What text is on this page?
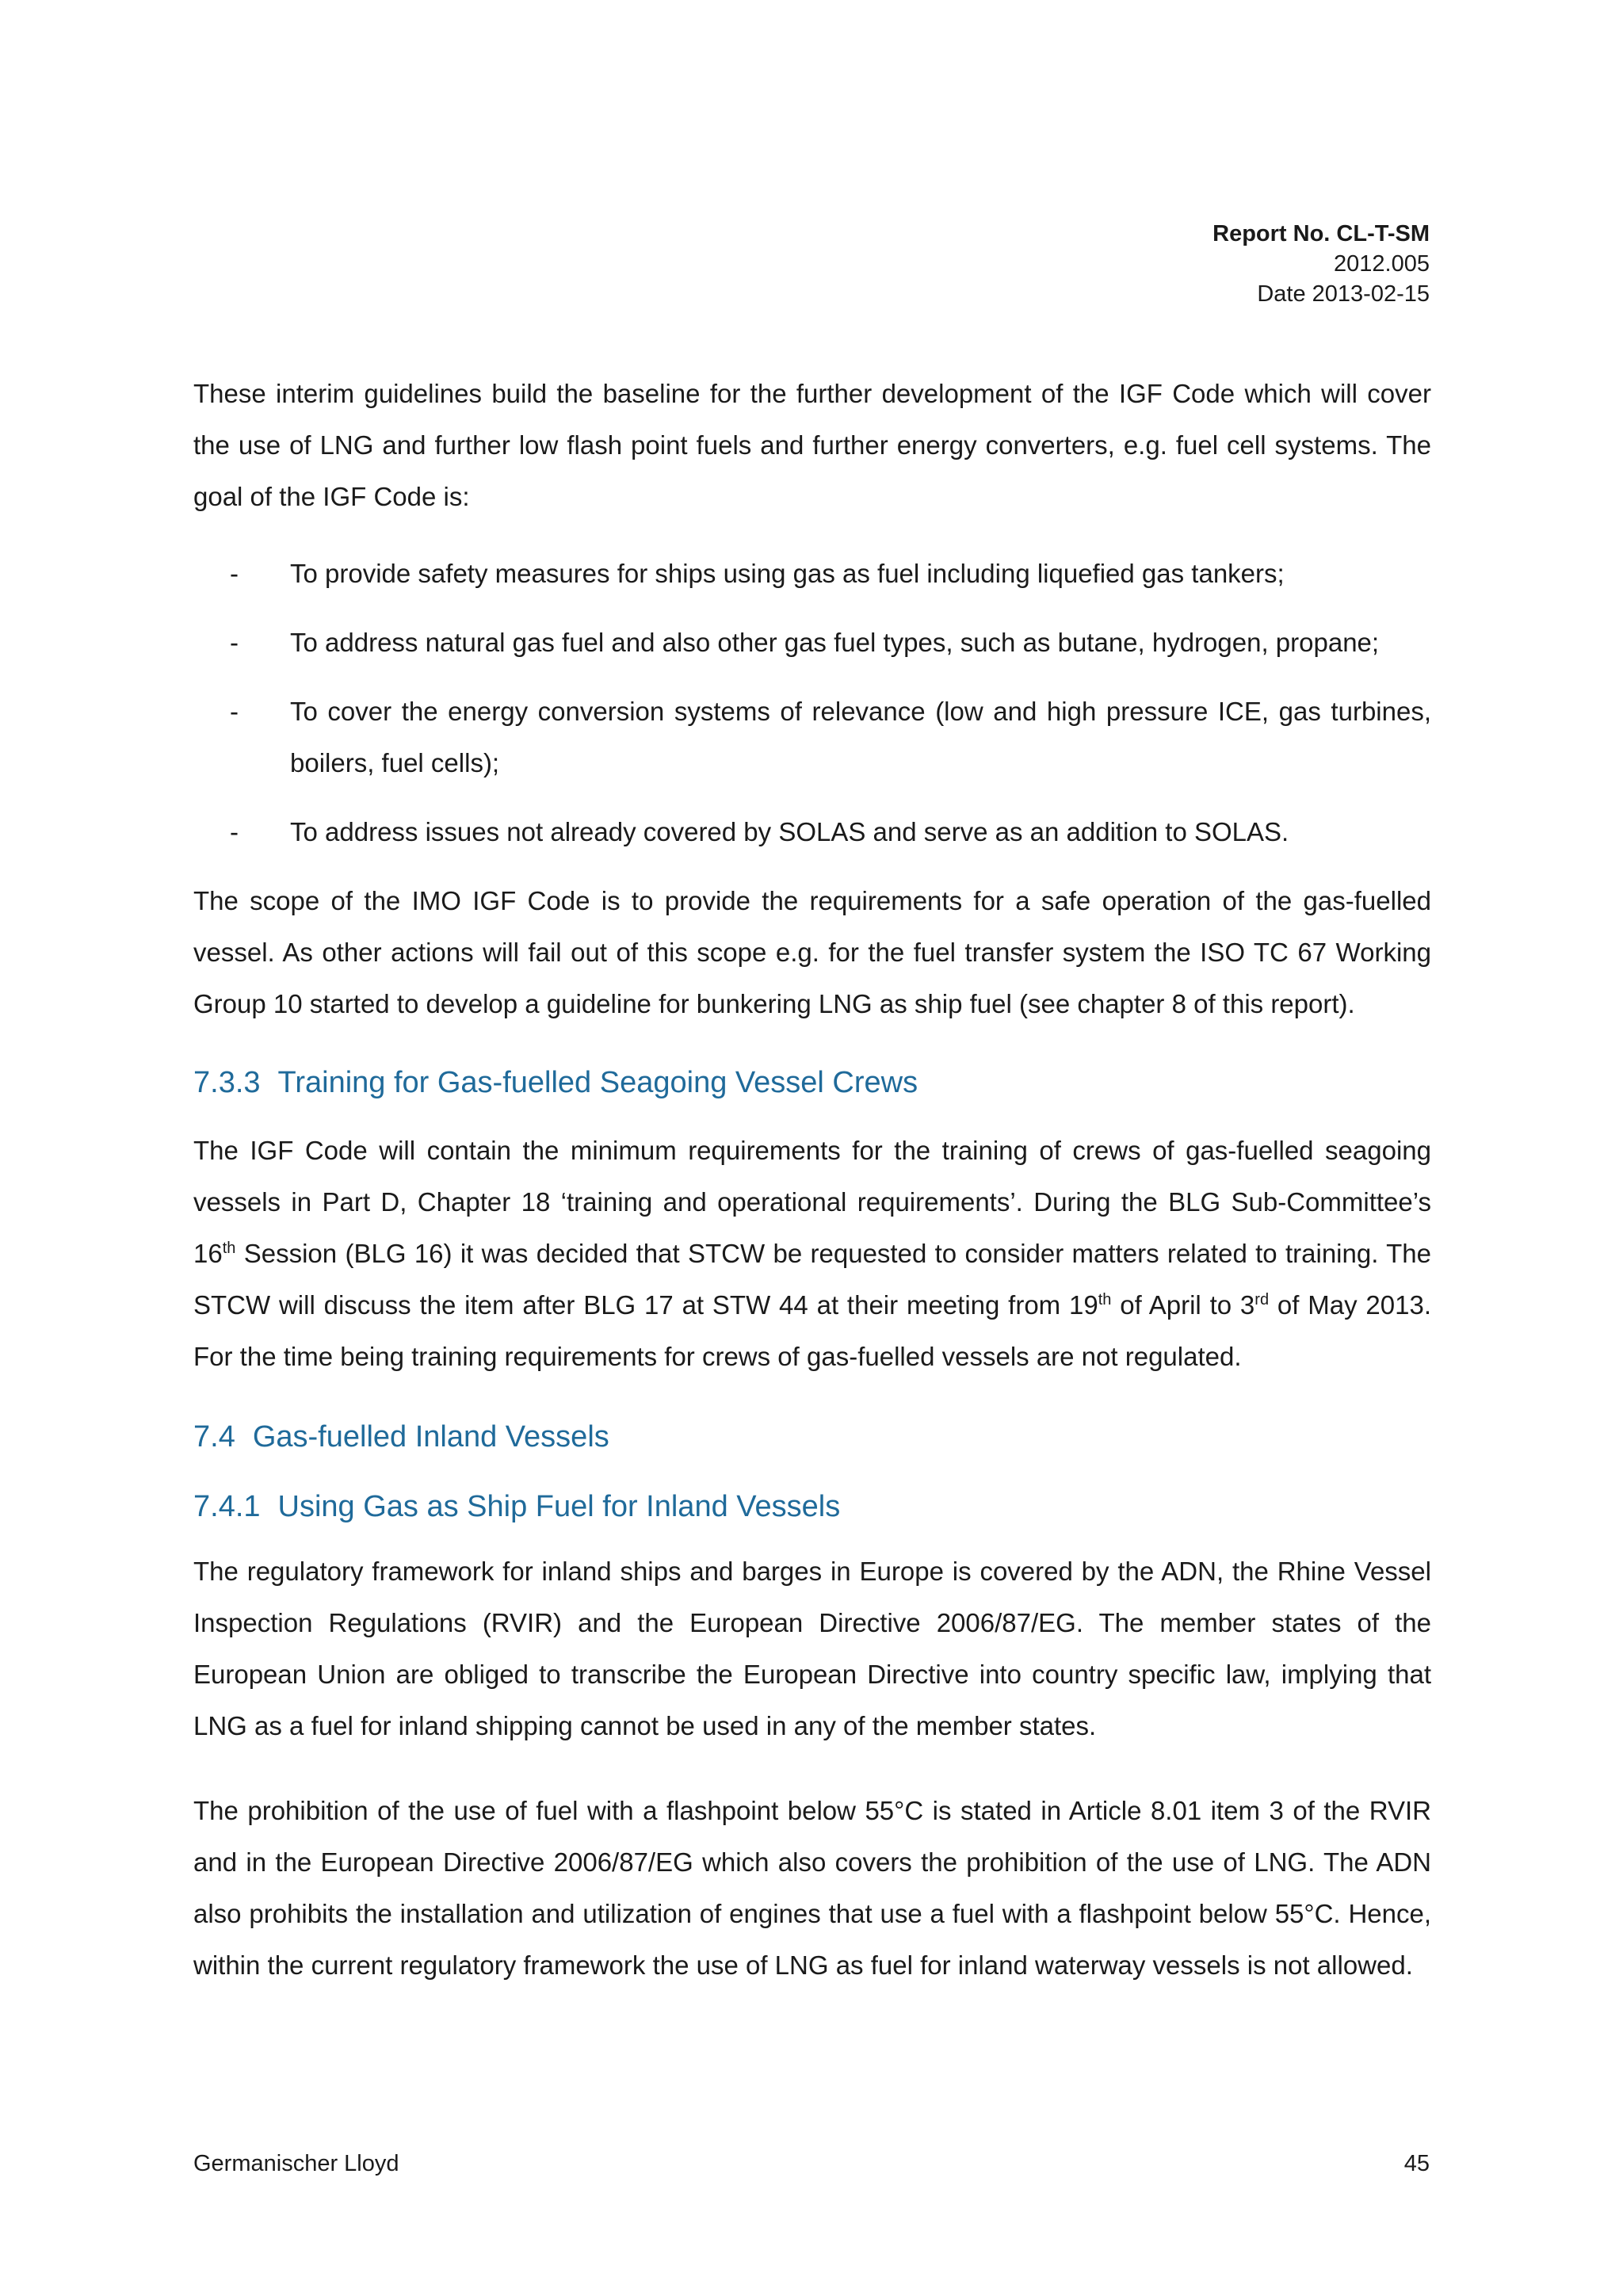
Report No. CL-T-SM
2012.005
Date 2013-02-15

These interim guidelines build the baseline for the further development of the IGF Code which will cover the use of LNG and further low flash point fuels and further energy converters, e.g. fuel cell systems. The goal of the IGF Code is:

-	To provide safety measures for ships using gas as fuel including liquefied gas tankers;
-	To address natural gas fuel and also other gas fuel types, such as butane, hydrogen, propane;
-	To cover the energy conversion systems of relevance (low and high pressure ICE, gas turbines, boilers, fuel cells);
-	To address issues not already covered by SOLAS and serve as an addition to SOLAS.

The scope of the IMO IGF Code is to provide the requirements for a safe operation of the gas-fuelled vessel. As other actions will fail out of this scope e.g. for the fuel transfer system the ISO TC 67 Working Group 10 started to develop a guideline for bunkering LNG as ship fuel (see chapter 8 of this report).

7.3.3 Training for Gas-fuelled Seagoing Vessel Crews

The IGF Code will contain the minimum requirements for the training of crews of gas-fuelled seagoing vessels in Part D, Chapter 18 ‘training and operational requirements’. During the BLG Sub-Committee’s 16th Session (BLG 16) it was decided that STCW be requested to consider matters related to training. The STCW will discuss the item after BLG 17 at STW 44 at their meeting from 19th of April to 3rd of May 2013. For the time being training requirements for crews of gas-fuelled vessels are not regulated.

7.4 Gas-fuelled Inland Vessels
7.4.1 Using Gas as Ship Fuel for Inland Vessels

The regulatory framework for inland ships and barges in Europe is covered by the ADN, the Rhine Vessel Inspection Regulations (RVIR) and the European Directive 2006/87/EG. The member states of the European Union are obliged to transcribe the European Directive into country specific law, implying that LNG as a fuel for inland shipping cannot be used in any of the member states.

The prohibition of the use of fuel with a flashpoint below 55°C is stated in Article 8.01 item 3 of the RVIR and in the European Directive 2006/87/EG which also covers the prohibition of the use of LNG. The ADN also prohibits the installation and utilization of engines that use a fuel with a flashpoint below 55°C. Hence, within the current regulatory framework the use of LNG as fuel for inland waterway vessels is not allowed.

Germanischer Lloyd	45
